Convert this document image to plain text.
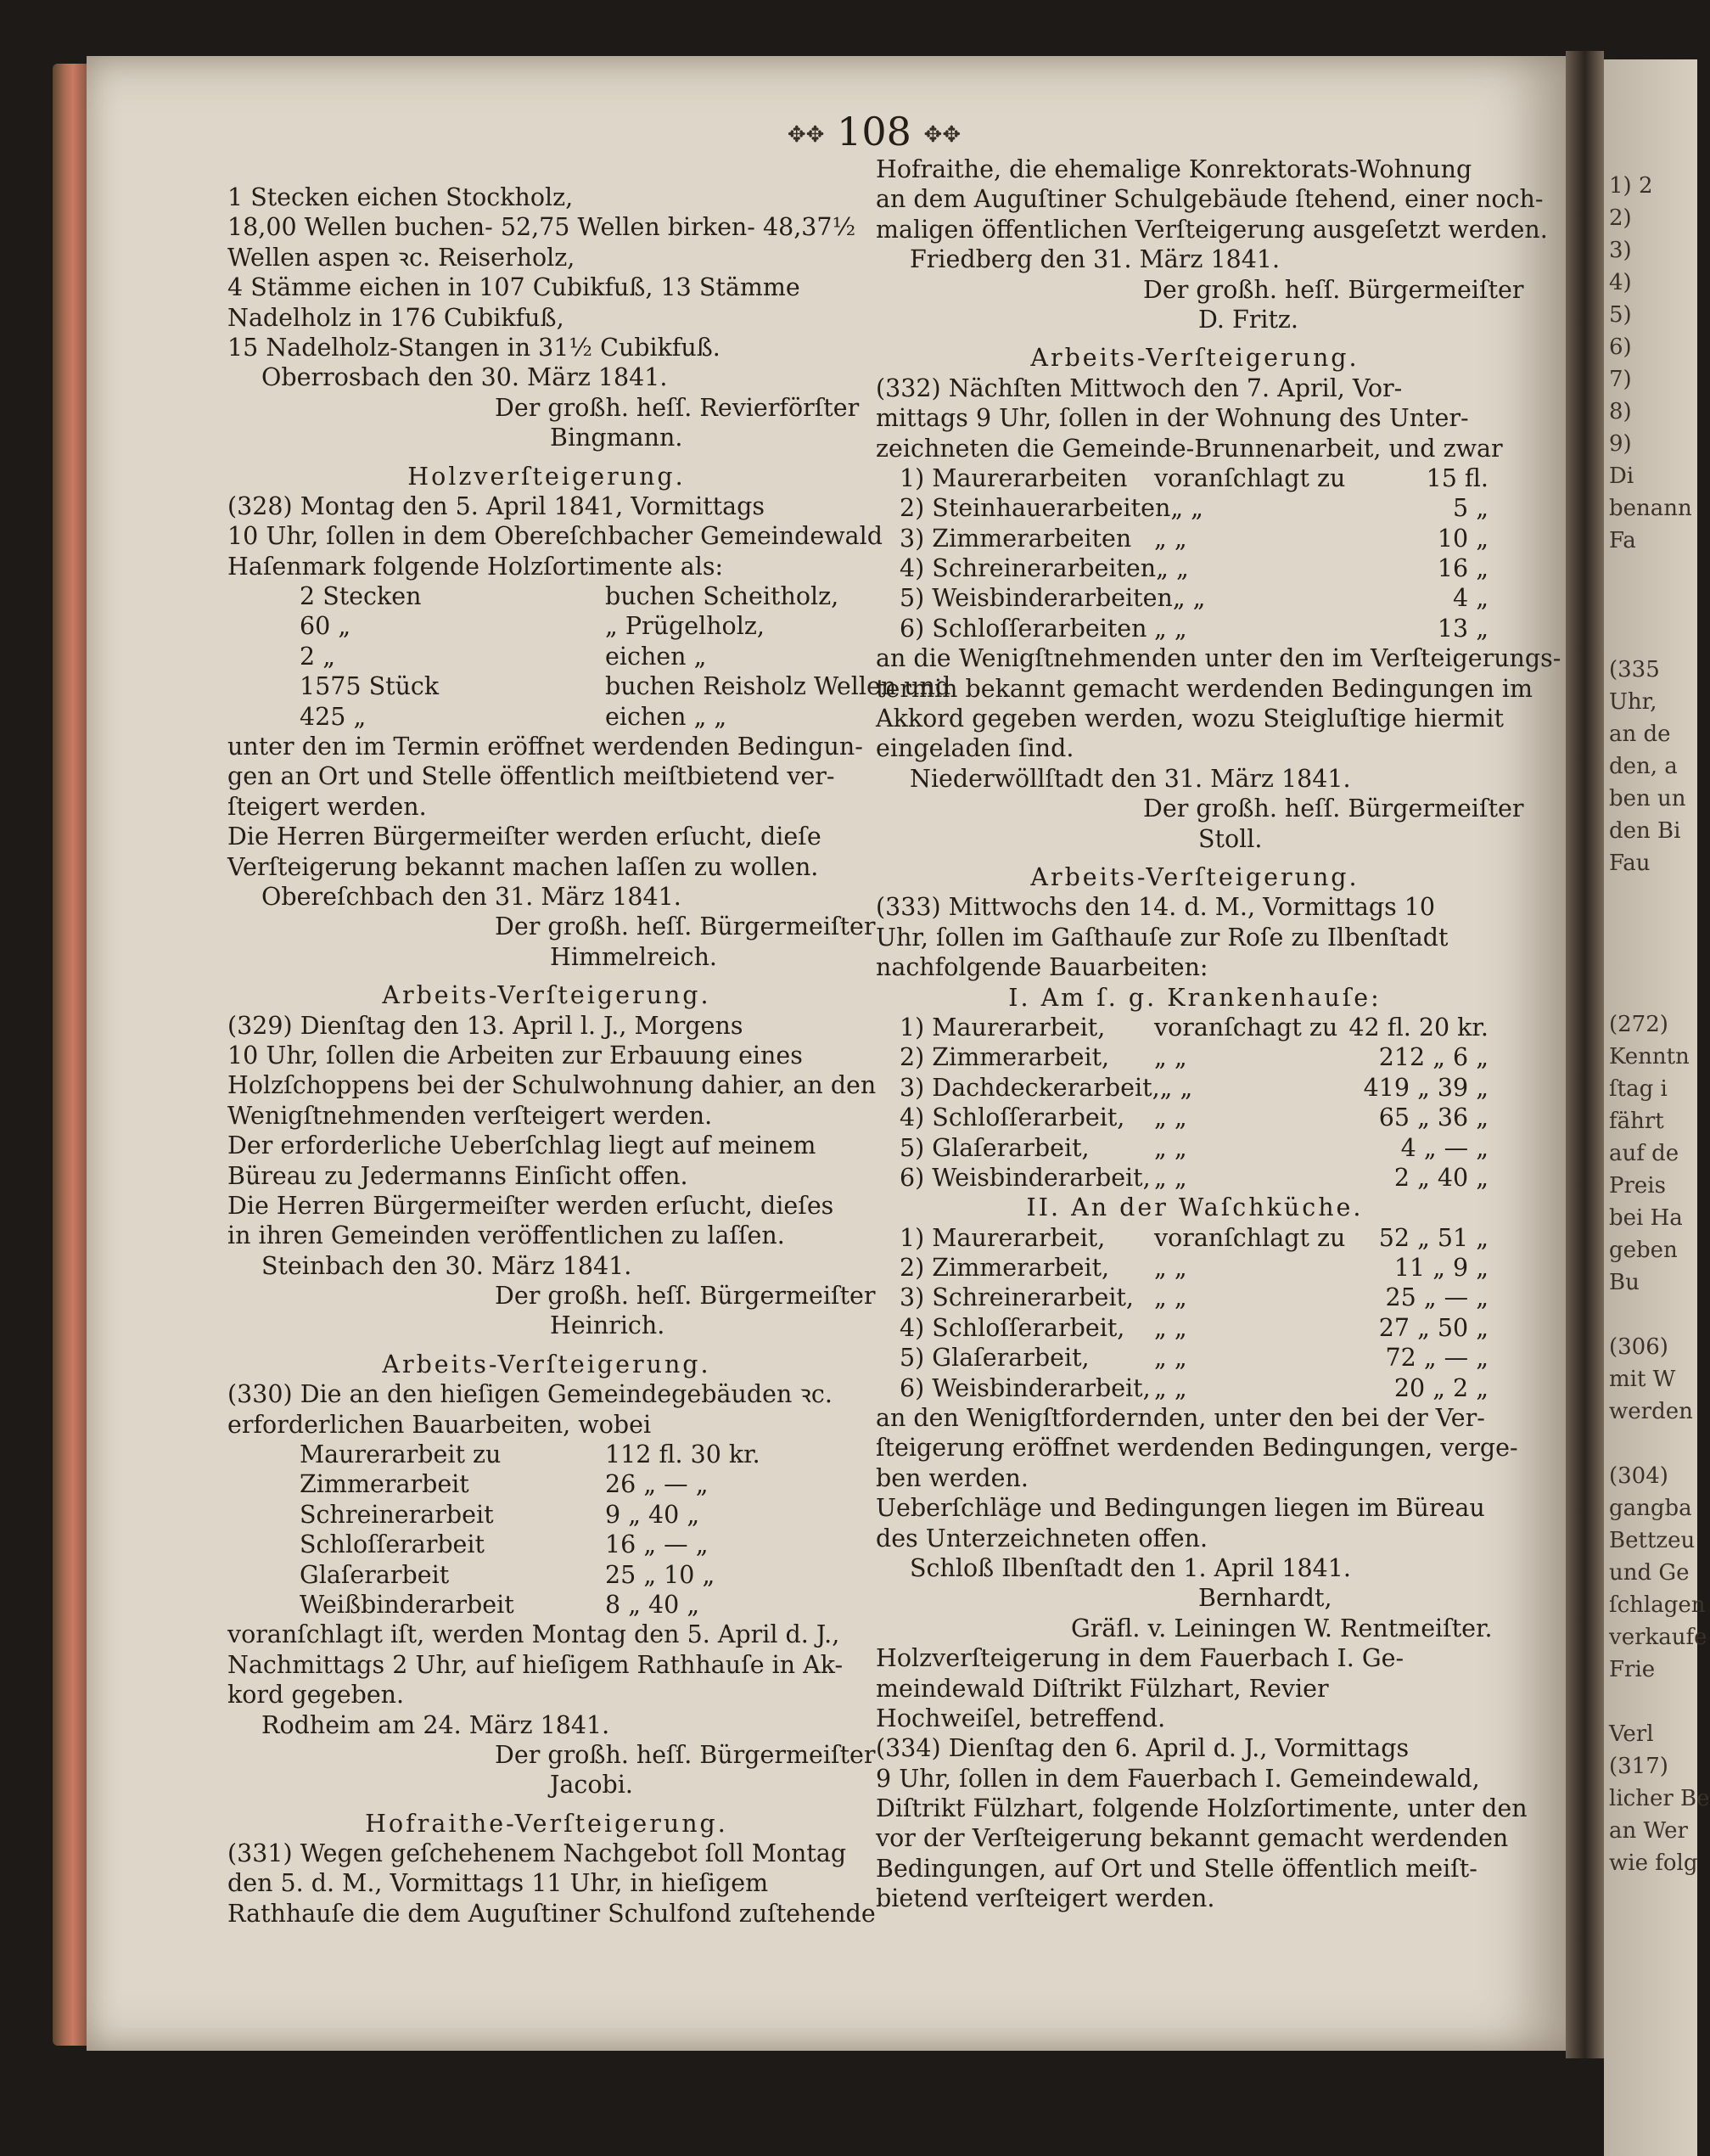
1) 2
2)
3)
4)
5)
6)
7)
8)
9)
Di
benann
Fa

(335
Uhr,
an de
den, a
ben un
den Bi
Fau

(272)
Kenntn
ſtag i
fährt
auf de
Preis
bei Ha
geben
Bu

(306)
mit W
werden

(304)
gangba
Bettzeu
und Ge
ſchlagen
verkaufe
Frie

Verl
(317)
licher Be
an Wer
wie folg
✥✥ 108 ✥✥
1 Stecken eichen Stockholz,
18,00 Wellen buchen- 52,75 Wellen birken- 48,37½
Wellen aspen ꝛc. Reiserholz,
4 Stämme eichen in 107 Cubikfuß, 13 Stämme
Nadelholz in 176 Cubikfuß,
15 Nadelholz-Stangen in 31½ Cubikfuß.
Oberrosbach den 30. März 1841.
Der großh. heſſ. Revierförſter
Bingmann.
Holzverſteigerung.
(328) Montag den 5. April 1841, Vormittags
10 Uhr, ſollen in dem Obereſchbacher Gemeindewald
Haſenmark folgende Holzſortimente als:
2 Stecken	buchen Scheitholz,
60 „	„ Prügelholz,
2 „	eichen „
1575 Stück	buchen Reisholz Wellen und
425 „	eichen „ „
unter den im Termin eröffnet werdenden Bedingun-
gen an Ort und Stelle öffentlich meiſtbietend ver-
ſteigert werden.
Die Herren Bürgermeiſter werden erſucht, dieſe
Verſteigerung bekannt machen laſſen zu wollen.
Obereſchbach den 31. März 1841.
Der großh. heſſ. Bürgermeiſter
Himmelreich.
Arbeits-Verſteigerung.
(329) Dienſtag den 13. April l. J., Morgens
10 Uhr, ſollen die Arbeiten zur Erbauung eines
Holzſchoppens bei der Schulwohnung dahier, an den
Wenigſtnehmenden verſteigert werden.
Der erforderliche Ueberſchlag liegt auf meinem
Büreau zu Jedermanns Einſicht offen.
Die Herren Bürgermeiſter werden erſucht, dieſes
in ihren Gemeinden veröffentlichen zu laſſen.
Steinbach den 30. März 1841.
Der großh. heſſ. Bürgermeiſter
Heinrich.
Arbeits-Verſteigerung.
(330) Die an den hieſigen Gemeindegebäuden ꝛc.
erforderlichen Bauarbeiten, wobei
Maurerarbeit zu	112 fl. 30 kr.
Zimmerarbeit	26 „ — „
Schreinerarbeit	9 „ 40 „
Schloſſerarbeit	16 „ — „
Glaſerarbeit	25 „ 10 „
Weißbinderarbeit	8 „ 40 „
voranſchlagt iſt, werden Montag den 5. April d. J.,
Nachmittags 2 Uhr, auf hieſigem Rathhauſe in Ak-
kord gegeben.
Rodheim am 24. März 1841.
Der großh. heſſ. Bürgermeiſter
Jacobi.
Hofraithe-Verſteigerung.
(331) Wegen geſchehenem Nachgebot ſoll Montag
den 5. d. M., Vormittags 11 Uhr, in hieſigem
Rathhauſe die dem Auguſtiner Schulfond zuſtehende
Hofraithe, die ehemalige Konrektorats-Wohnung
an dem Auguſtiner Schulgebäude ſtehend, einer noch-
maligen öffentlichen Verſteigerung ausgeſetzt werden.
Friedberg den 31. März 1841.
Der großh. heſſ. Bürgermeiſter
D. Fritz.
Arbeits-Verſteigerung.
(332) Nächſten Mittwoch den 7. April, Vor-
mittags 9 Uhr, ſollen in der Wohnung des Unter-
zeichneten die Gemeinde-Brunnenarbeit, und zwar
1) Maurerarbeiten	voranſchlagt zu	15 fl.
2) Steinhauerarbeiten „ „	5 „
3) Zimmerarbeiten „ „	10 „
4) Schreinerarbeiten „ „	16 „
5) Weisbinderarbeiten „ „	4 „
6) Schloſſerarbeiten „ „	13 „
an die Wenigſtnehmenden unter den im Verſteigerungs-
termin bekannt gemacht werdenden Bedingungen im
Akkord gegeben werden, wozu Steigluſtige hiermit
eingeladen ſind.
Niederwöllſtadt den 31. März 1841.
Der großh. heſſ. Bürgermeiſter
Stoll.
Arbeits-Verſteigerung.
(333) Mittwochs den 14. d. M., Vormittags 10
Uhr, ſollen im Gaſthauſe zur Roſe zu Ilbenſtadt
nachfolgende Bauarbeiten:
I. Am ſ. g. Krankenhauſe:
1) Maurerarbeit,	voranſchagt zu 42 fl. 20 kr.
2) Zimmerarbeit,	„ „	212 „ 6 „
3) Dachdeckerarbeit, „ „	419 „ 39 „
4) Schloſſerarbeit,	„ „	65 „ 36 „
5) Glaſerarbeit,	„ „	4 „ — „
6) Weisbinderarbeit, „ „	2 „ 40 „
II. An der Waſchküche.
1) Maurerarbeit,	voranſchlagt zu	52 „ 51 „
2) Zimmerarbeit,	„ „	11 „ 9 „
3) Schreinerarbeit, „ „	25 „ — „
4) Schloſſerarbeit,	„ „	27 „ 50 „
5) Glaſerarbeit,	„ „	72 „ — „
6) Weisbinderarbeit, „ „	20 „ 2 „
an den Wenigſtfordernden, unter den bei der Ver-
ſteigerung eröffnet werdenden Bedingungen, verge-
ben werden.
Ueberſchläge und Bedingungen liegen im Büreau
des Unterzeichneten offen.
Schloß Ilbenſtadt den 1. April 1841.
Bernhardt,
Gräfl. v. Leiningen W. Rentmeiſter.
Holzverſteigerung in dem Fauerbach I. Ge-
meindewald Diſtrikt Fülzhart, Revier
Hochweiſel, betreffend.
(334) Dienſtag den 6. April d. J., Vormittags
9 Uhr, ſollen in dem Fauerbach I. Gemeindewald,
Diſtrikt Fülzhart, folgende Holzſortimente, unter den
vor der Verſteigerung bekannt gemacht werdenden
Bedingungen, auf Ort und Stelle öffentlich meiſt-
bietend verſteigert werden.
